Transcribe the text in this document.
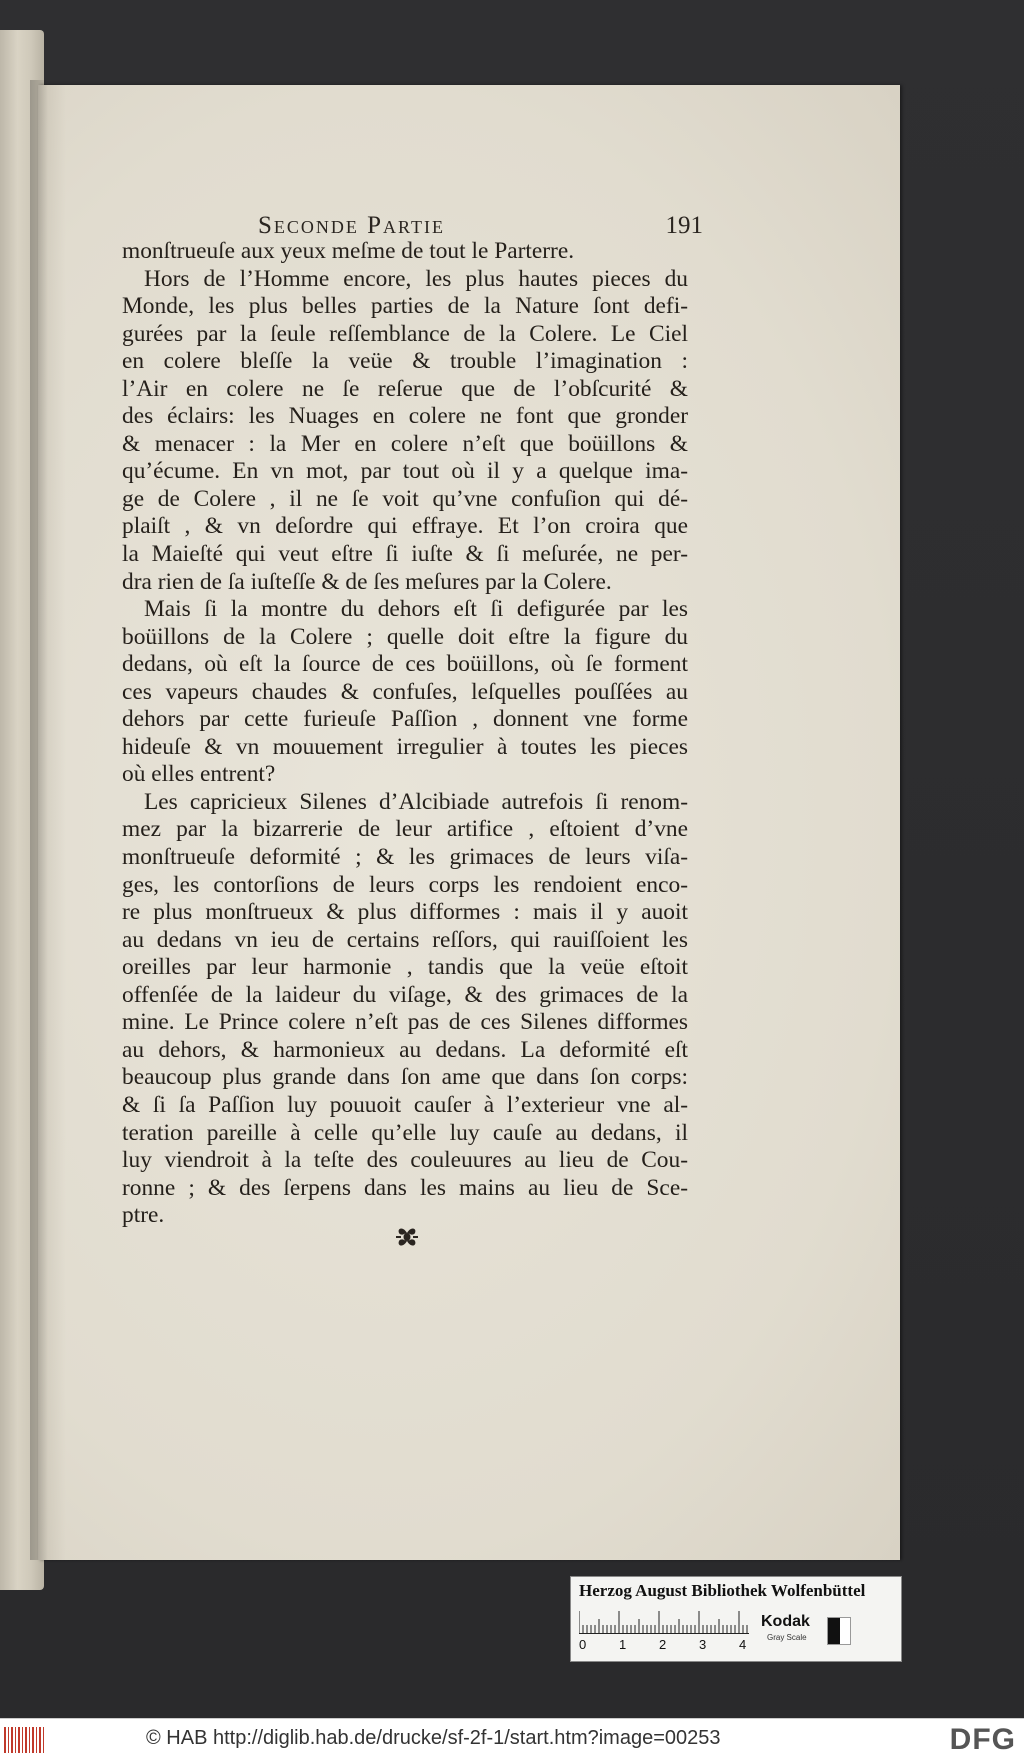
Seconde Partie	191
monſtrueuſe aux yeux meſme de tout le Parterre.
Hors de l’Homme encore, les plus hautes pieces du
Monde, les plus belles parties de la Nature ſont defi-
gurées par la ſeule reſſemblance de la Colere. Le Ciel
en colere bleſſe la veüe & trouble l’imagination :
l’Air en colere ne ſe reſerue que de l’obſcurité &
des éclairs: les Nuages en colere ne font que gronder
& menacer : la Mer en colere n’eſt que boüillons &
qu’écume. En vn mot, par tout où il y a quelque ima-
ge de Colere , il ne ſe voit qu’vne confuſion qui dé-
plaiſt , & vn deſordre qui effraye. Et l’on croira que
la Maieſté qui veut eſtre ſi iuſte & ſi meſurée, ne per-
dra rien de ſa iuſteſſe & de ſes meſures par la Colere.
Mais ſi la montre du dehors eſt ſi defigurée par les
boüillons de la Colere ; quelle doit eſtre la figure du
dedans, où eſt la ſource de ces boüillons, où ſe forment
ces vapeurs chaudes & confuſes, leſquelles pouſſées au
dehors par cette furieuſe Paſſion , donnent vne forme
hideuſe & vn mouuement irregulier à toutes les pieces
où elles entrent?
Les capricieux Silenes d’Alcibiade autrefois ſi renom-
mez par la bizarrerie de leur artifice , eſtoient d’vne
monſtrueuſe deformité ; & les grimaces de leurs viſa-
ges, les contorſions de leurs corps les rendoient enco-
re plus monſtrueux & plus difformes : mais il y auoit
au dedans vn ieu de certains reſſors, qui rauiſſoient les
oreilles par leur harmonie , tandis que la veüe eſtoit
offenſée de la laideur du viſage, & des grimaces de la
mine. Le Prince colere n’eſt pas de ces Silenes difformes
au dehors, & harmonieux au dedans. La deformité eſt
beaucoup plus grande dans ſon ame que dans ſon corps:
& ſi ſa Paſſion luy pouuoit cauſer à l’exterieur vne al-
teration pareille à celle qu’elle luy cauſe au dedans, il
luy viendroit à la teſte des couleuures au lieu de Cou-
ronne ; & des ſerpens dans les mains au lieu de Sce-
ptre.
Herzog August Bibliothek Wolfenbüttel
0	1	2	3	4
Kodak
Gray Scale
© HAB http://diglib.hab.de/drucke/sf-2f-1/start.htm?image=00253	DFG
